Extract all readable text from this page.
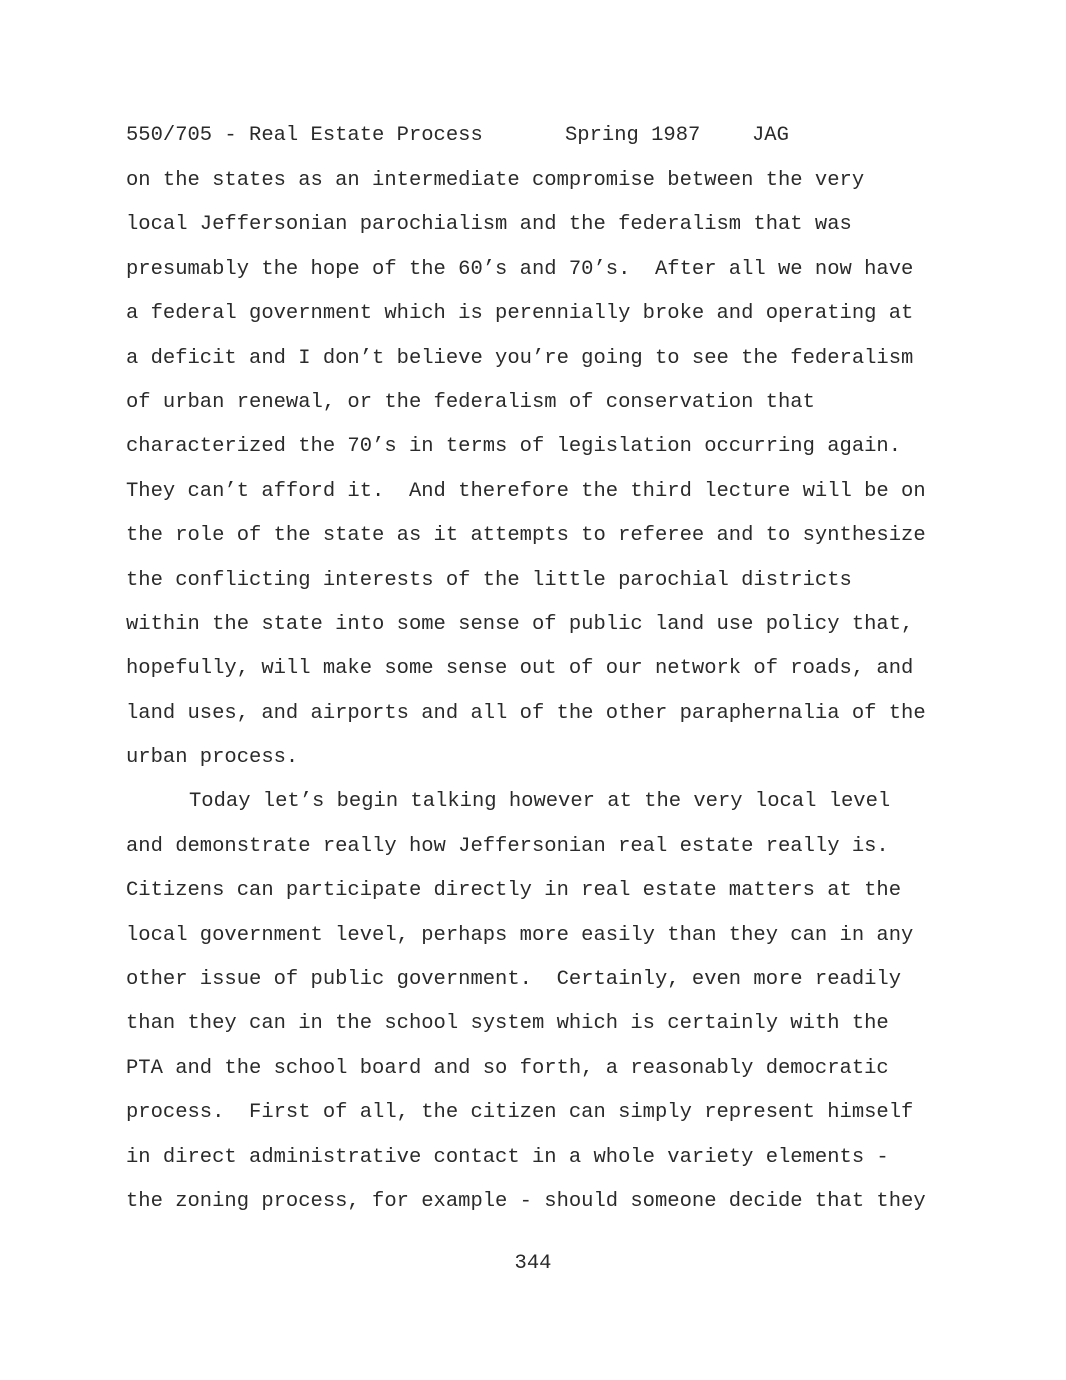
550/705 - Real Estate Process

	Spring 1987

	JAG

on the states as an intermediate compromise between the very
local Jeffersonian parochialism and the federalism that was
presumably the hope of the 60’s and 70’s.  After all we now have
a federal government which is perennially broke and operating at
a deficit and I don’t believe you’re going to see the federalism
of urban renewal, or the federalism of conservation that
characterized the 70’s in terms of legislation occurring again.
They can’t afford it.  And therefore the third lecture will be on
the role of the state as it attempts to referee and to synthesize
the conflicting interests of the little parochial districts
within the state into some sense of public land use policy that,
hopefully, will make some sense out of our network of roads, and
land uses, and airports and all of the other paraphernalia of the
urban process.
Today let’s begin talking however at the very local level
and demonstrate really how Jeffersonian real estate really is.
Citizens can participate directly in real estate matters at the
local government level, perhaps more easily than they can in any
other issue of public government.  Certainly, even more readily
than they can in the school system which is certainly with the
PTA and the school board and so forth, a reasonably democratic
process.  First of all, the citizen can simply represent himself
in direct administrative contact in a whole variety elements -
the zoning process, for example - should someone decide that they
344
